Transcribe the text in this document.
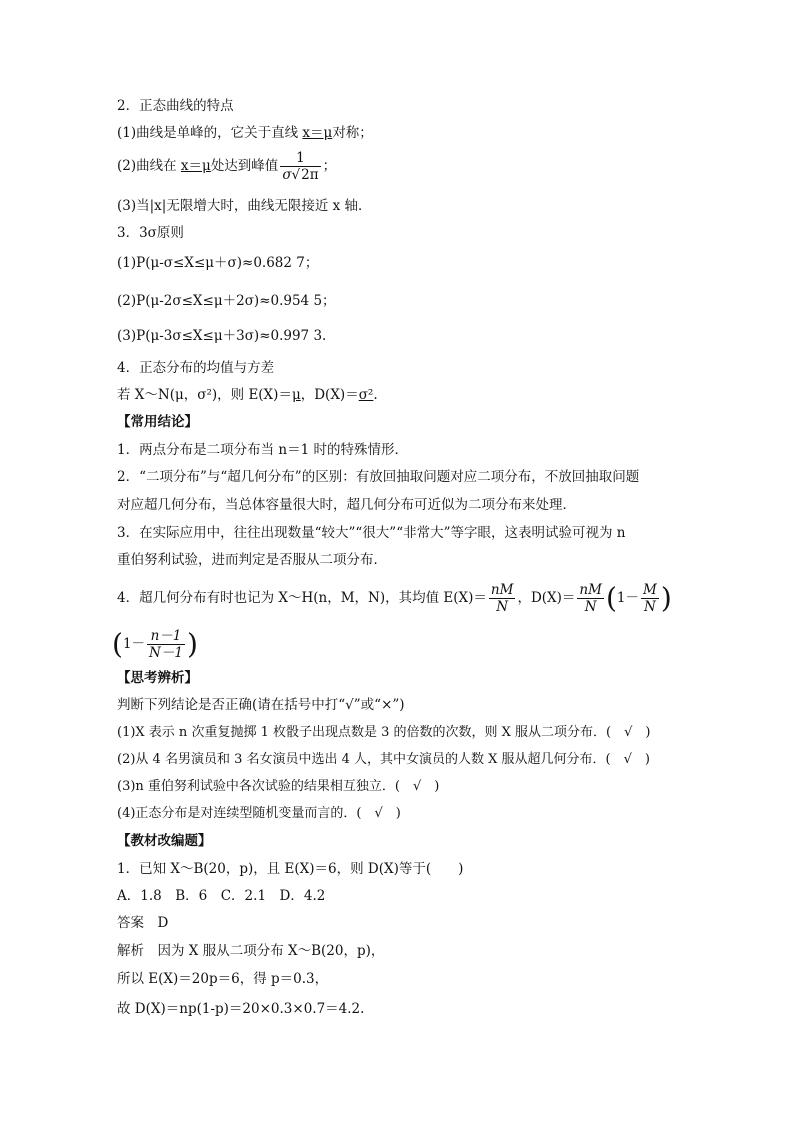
2．正态曲线的特点
(1)曲线是单峰的，它关于直线 x＝μ对称；
(2)曲线在 x＝μ处达到峰值 $\frac{1}{\sigma√2\pi}$ ；
(3)当|x|无限增大时，曲线无限接近 x 轴．
3．3σ原则
(1)P(μ-σ≤X≤μ＋σ)≈0.682 7；
(2)P(μ-2σ≤X≤μ＋2σ)≈0.954 5；
(3)P(μ-3σ≤X≤μ＋3σ)≈0.997 3.
4．正态分布的均值与方差
若 X～N(μ，σ²)，则 E(X)＝μ，D(X)＝σ².
【常用结论】
1．两点分布是二项分布当 n＝1 时的特殊情形．
2．“二项分布”与“超几何分布”的区别：有放回抽取问题对应二项分布，不放回抽取问题
对应超几何分布，当总体容量很大时，超几何分布可近似为二项分布来处理．
3．在实际应用中，往往出现数量“较大”“很大”“非常大”等字眼，这表明试验可视为 n
重伯努利试验，进而判定是否服从二项分布．
4．超几何分布有时也记为 X～H(n，M，N)，其均值 $E(X)= \frac{nM}{N}$ ，$D(X)= \frac{nM}{N} (1- \frac{M}{N}$ )
($1- \frac{n-1}{N-1}$ )
【思考辨析】
判断下列结论是否正确(请在括号中打“√”或“×”)
(1)X 表示 n 次重复抛掷 1 枚骰子出现点数是 3 的倍数的次数，则 X 服从二项分布．(　√　)
(2)从 4 名男演员和 3 名女演员中选出 4 人，其中女演员的人数 X 服从超几何分布．(　√　)
(3)n 重伯努利试验中各次试验的结果相互独立．(　√　)
(4)正态分布是对连续型随机变量而言的．(　√　)
【教材改编题】
1．已知 X～B(20，p)，且 E(X)＝6，则 D(X)等于(　　)
A．1.8　B．6　C．2.1　D．4.2
答案　D
解析　因为 X 服从二项分布 X～B(20，p)，
所以 E(X)＝20p＝6，得 p＝0.3，
故 D(X)＝np(1-p)＝20×0.3×0.7＝4.2.
